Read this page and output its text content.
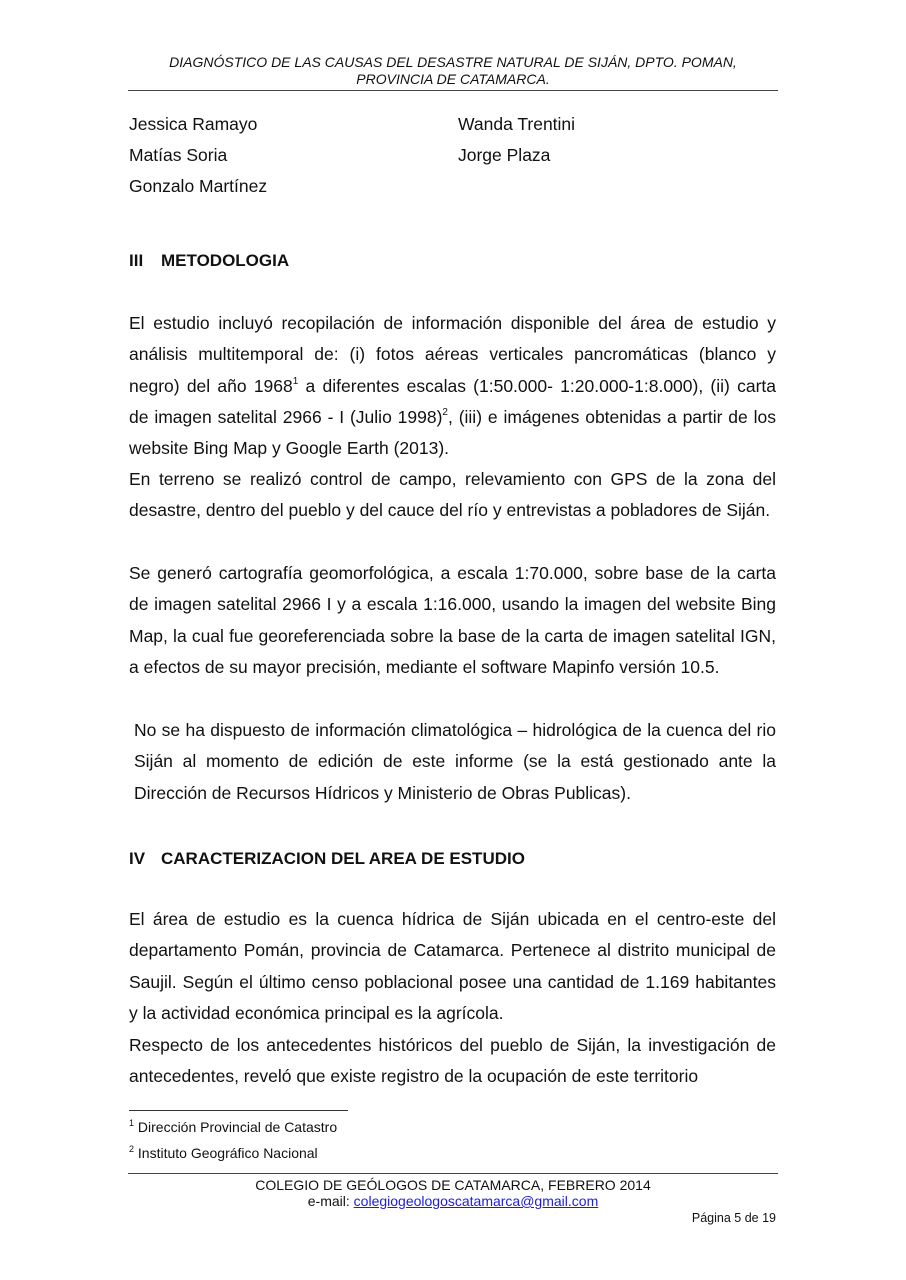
DIAGNÓSTICO DE LAS CAUSAS DEL DESASTRE NATURAL DE SIJÁN, DPTO. POMAN,
PROVINCIA DE CATAMARCA.
Jessica Ramayo
Matías Soria
Gonzalo Martínez
Wanda Trentini
Jorge Plaza
III METODOLOGIA

El estudio incluyó recopilación de información disponible del área de estudio y análisis multitemporal de: (i) fotos aéreas verticales pancromáticas (blanco y negro) del año 1968$^1$ a diferentes escalas (1:50.000- 1:20.000-1:8.000), (ii) carta de imagen satelital 2966 - I (Julio 1998)$^2$, (iii) e imágenes obtenidas a partir de los website Bing Map y Google Earth (2013).

En terreno se realizó control de campo, relevamiento con GPS de la zona del desastre, dentro del pueblo y del cauce del río y entrevistas a pobladores de Siján.

Se generó cartografía geomorfológica, a escala 1:70.000, sobre base de la carta de imagen satelital 2966 I y a escala 1:16.000, usando la imagen del website Bing Map, la cual fue georeferenciada sobre la base de la carta de imagen satelital IGN, a efectos de su mayor precisión, mediante el software Mapinfo versión 10.5.

No se ha dispuesto de información climatológica – hidrológica de la cuenca del rio Siján al momento de edición de este informe (se la está gestionado ante la Dirección de Recursos Hídricos y Ministerio de Obras Publicas).

IV CARACTERIZACION DEL AREA DE ESTUDIO

El área de estudio es la cuenca hídrica de Siján ubicada en el centro-este del departamento Pomán, provincia de Catamarca. Pertenece al distrito municipal de Saujil. Según el último censo poblacional posee una cantidad de 1.169 habitantes y la actividad económica principal es la agrícola.

Respecto de los antecedentes históricos del pueblo de Siján, la investigación de antecedentes, reveló que existe registro de la ocupación de este territorio

$^1$ Dirección Provincial de Catastro
$^2$ Instituto Geográfico Nacional
COLEGIO DE GEÓLOGOS DE CATAMARCA, FEBRERO 2014
e-mail: colegiogeologoscatamarca@gmail.com
Página 5 de 19
